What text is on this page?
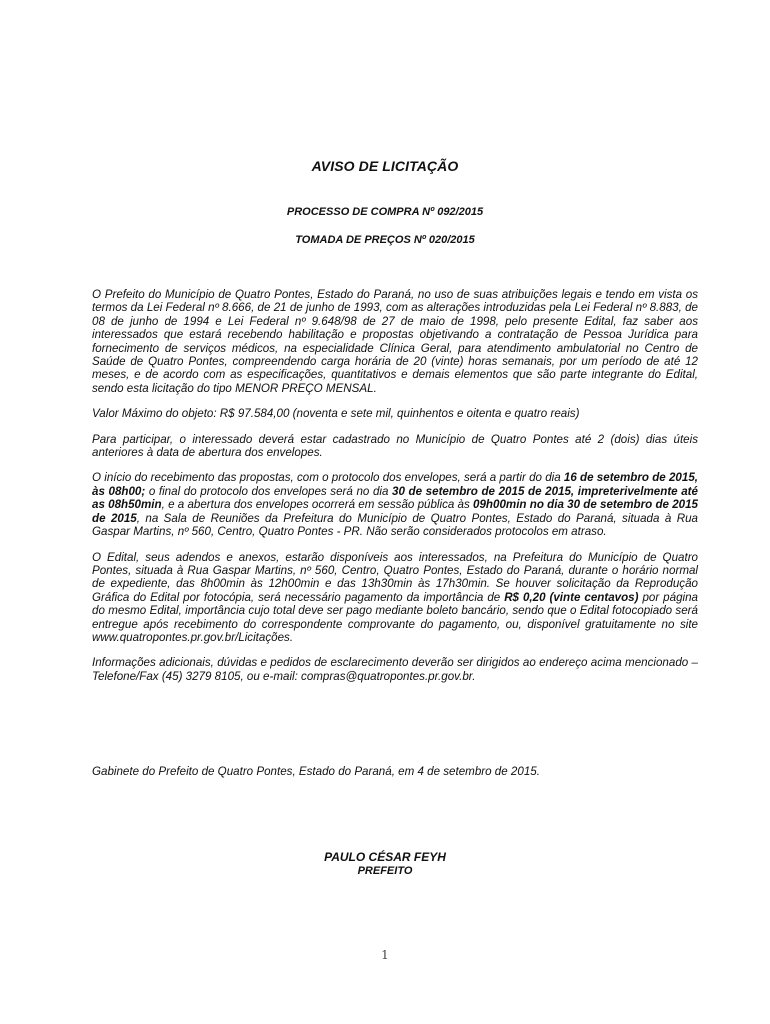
AVISO DE LICITAÇÃO
PROCESSO DE COMPRA Nº 092/2015
TOMADA DE PREÇOS Nº 020/2015

O Prefeito do Município de Quatro Pontes, Estado do Paraná, no uso de suas atribuições legais e tendo em vista os termos da Lei Federal nº 8.666, de 21 de junho de 1993, com as alterações introduzidas pela Lei Federal nº 8.883, de 08 de junho de 1994 e Lei Federal nº 9.648/98 de 27 de maio de 1998, pelo presente Edital, faz saber aos interessados que estará recebendo habilitação e propostas objetivando a contratação de Pessoa Jurídica para fornecimento de serviços médicos, na especialidade Clínica Geral, para atendimento ambulatorial no Centro de Saúde de Quatro Pontes, compreendendo carga horária de 20 (vinte) horas semanais, por um período de até 12 meses, e de acordo com as especificações, quantitativos e demais elementos que são parte integrante do Edital, sendo esta licitação do tipo MENOR PREÇO MENSAL.

Valor Máximo do objeto: R$ 97.584,00 (noventa e sete mil, quinhentos e oitenta e quatro reais)

Para participar, o interessado deverá estar cadastrado no Município de Quatro Pontes até 2 (dois) dias úteis anteriores à data de abertura dos envelopes.

O início do recebimento das propostas, com o protocolo dos envelopes, será a partir do dia 16 de setembro de 2015, às 08h00; o final do protocolo dos envelopes será no dia 30 de setembro de 2015 de 2015, impreterivelmente até as 08h50min, e a abertura dos envelopes ocorrerá em sessão pública às 09h00min no dia 30 de setembro de 2015 de 2015, na Sala de Reuniões da Prefeitura do Município de Quatro Pontes, Estado do Paraná, situada à Rua Gaspar Martins, nº 560, Centro, Quatro Pontes - PR. Não serão considerados protocolos em atraso.

O Edital, seus adendos e anexos, estarão disponíveis aos interessados, na Prefeitura do Município de Quatro Pontes, situada à Rua Gaspar Martins, nº 560, Centro, Quatro Pontes, Estado do Paraná, durante o horário normal de expediente, das 8h00min às 12h00min e das 13h30min às 17h30min. Se houver solicitação da Reprodução Gráfica do Edital por fotocópia, será necessário pagamento da importância de R$ 0,20 (vinte centavos) por página do mesmo Edital, importância cujo total deve ser pago mediante boleto bancário, sendo que o Edital fotocopiado será entregue após recebimento do correspondente comprovante do pagamento, ou, disponível gratuitamente no site www.quatropontes.pr.gov.br/Licitações.

Informações adicionais, dúvidas e pedidos de esclarecimento deverão ser dirigidos ao endereço acima mencionado – Telefone/Fax (45) 3279 8105, ou e-mail: compras@quatropontes.pr.gov.br.

Gabinete do Prefeito de Quatro Pontes, Estado do Paraná, em 4 de setembro de 2015.
PAULO CÉSAR FEYH
PREFEITO
1
